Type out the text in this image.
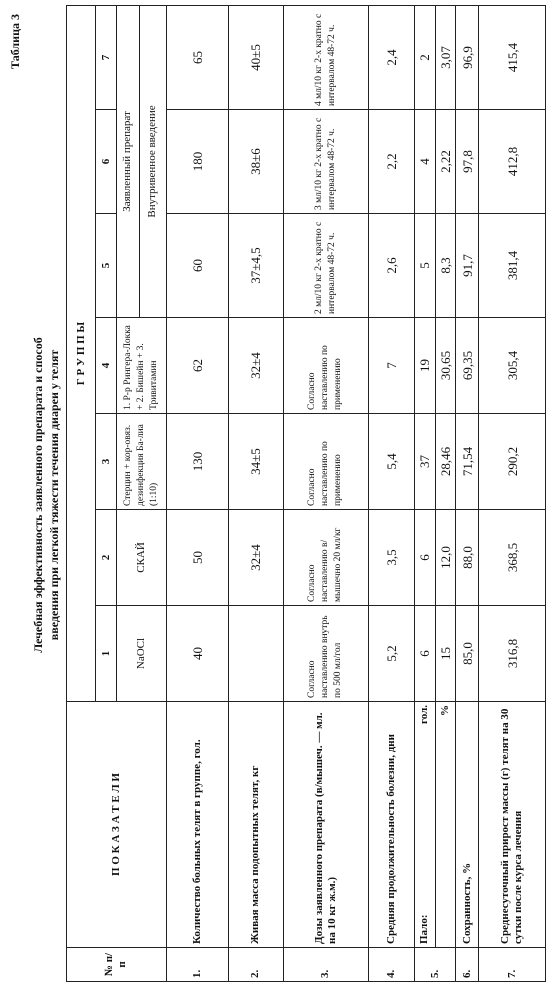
Таблица 3
Лечебная эффективность заявленного препарата и способ введения при легкой тяжести течения диареи у телят
№ п/п	П О К А З А Т Е Л И	Г Р У П П Ы						
		1	2	3	4	5	6	7
		NaOCl	СКАЙ	Стерцин + кор-овяз. дезинфекция Ба-лиа (1:10)	1. Р-р Рингера-Локка + 2. Бишейн + 3. Тривитамин	Заявленный препарат		
						Внутривенное введение		
1.	Количество больных телят в группе, гол.	40	50	130	62	60	180	65
2.	Живая масса подопытных телят, кг		32±4	34±5	32±4	37±4,5	38±6	40±5
3.	Дозы заявленного препарата (в/мышеч. — мл. на 10 кг ж.м.)	Согласно наставлению внутрь по 500 мл/гол	Согласно наставлению в/мышечно 20 мл/кг	Согласно наставлению по применению	Согласно наставлению по применению	2 мл/10 кг 2-х кратно с интервалом 48-72 ч.	3 мл/10 кг 2-х кратно с интервалом 48-72 ч.	4 мл/10 кг 2-х кратно с интервалом 48-72 ч.
4.	Средняя продолжительность болезни, дни	5,2	3,5	5,4	7	2,6	2,2	2,4
5.	Пало:
гол.	6	6	37	19	5	4	2
	%	15	12,0	28,46	30,65	8,3	2,22	3,07
6.	Сохранность, %	85,0	88,0	71,54	69,35	91,7	97,8	96,9
7.	Среднесуточный прирост массы (г) телят на 30 сутки после курса лечения	316,8	368,5	290,2	305,4	381,4	412,8	415,4
